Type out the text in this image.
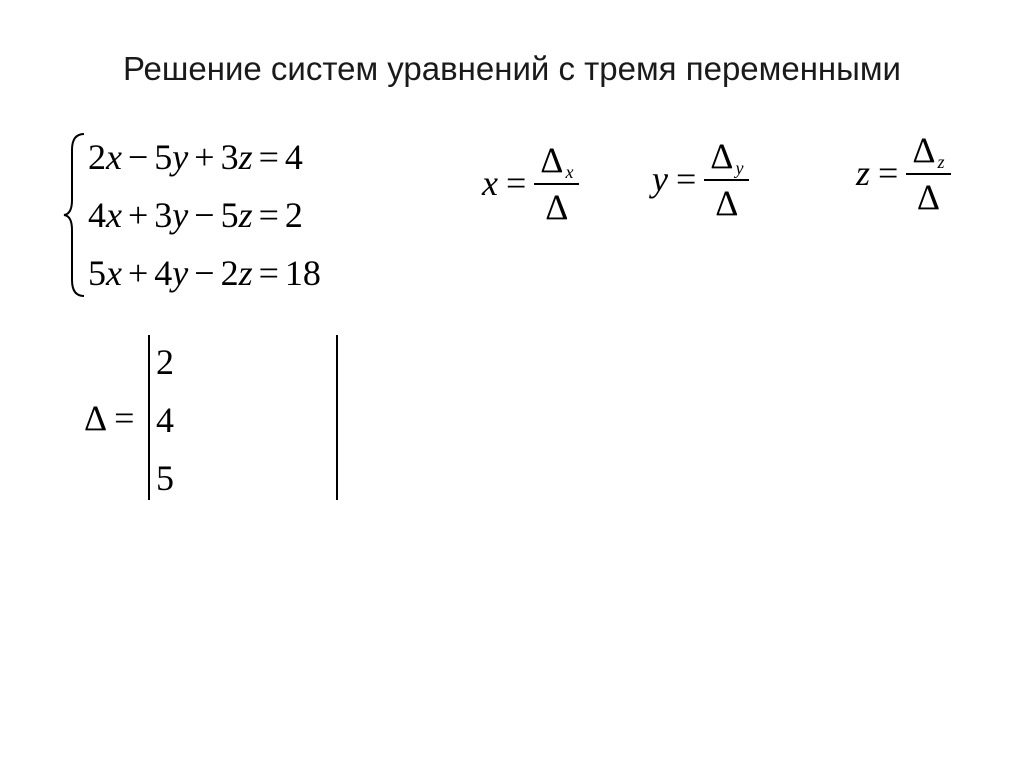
Решение систем уравнений с тремя переменными
2x − 5y + 3z = 4
4x + 3y − 5z = 2
5x + 4y − 2z = 18
$x = \frac{\Delta _x}{\Delta}$ $y = \frac{\Delta _y}{\Delta}$	$z = \frac{\Delta _z}{\Delta}$
Δ =
2
4
5
